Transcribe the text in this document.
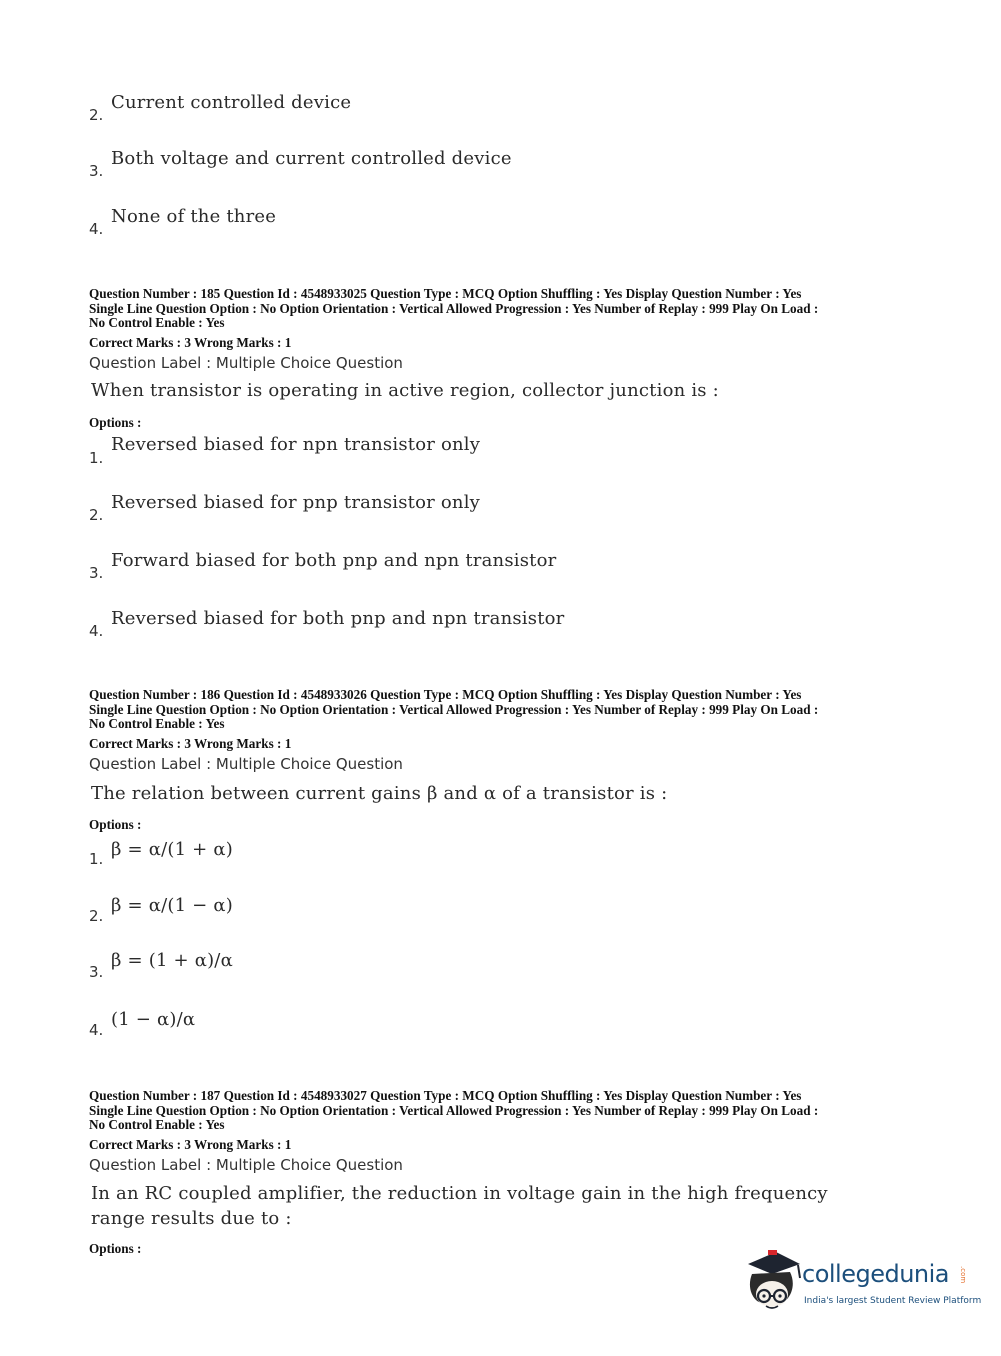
2.
Current controlled device
3.
Both voltage and current controlled device
4.
None of the three
Question Number : 185 Question Id : 4548933025 Question Type : MCQ Option Shuffling : Yes Display Question Number : Yes
Single Line Question Option : No Option Orientation : Vertical Allowed Progression : Yes Number of Replay : 999 Play On Load :
No Control Enable : Yes
Correct Marks : 3 Wrong Marks : 1
Question Label : Multiple Choice Question
When transistor is operating in active region, collector junction is :
Options :
1.
Reversed biased for npn transistor only
2.
Reversed biased for pnp transistor only
3.
Forward biased for both pnp and npn transistor
4.
Reversed biased for both pnp and npn transistor
Question Number : 186 Question Id : 4548933026 Question Type : MCQ Option Shuffling : Yes Display Question Number : Yes
Single Line Question Option : No Option Orientation : Vertical Allowed Progression : Yes Number of Replay : 999 Play On Load :
No Control Enable : Yes
Correct Marks : 3 Wrong Marks : 1
Question Label : Multiple Choice Question
The relation between current gains β and α of a transistor is :
Options :
1. β = α/(1 + α)
2. β = α/(1 − α)
3.
β = (1 + α)/α
4. (1 − α)/α
Question Number : 187 Question Id : 4548933027 Question Type : MCQ Option Shuffling : Yes Display Question Number : Yes
Single Line Question Option : No Option Orientation : Vertical Allowed Progression : Yes Number of Replay : 999 Play On Load :
No Control Enable : Yes
Correct Marks : 3 Wrong Marks : 1
Question Label : Multiple Choice Question
In an RC coupled amplifier, the reduction in voltage gain in the high frequency
range results due to :
Options :
collegedunia .com
India's largest Student Review Platform
